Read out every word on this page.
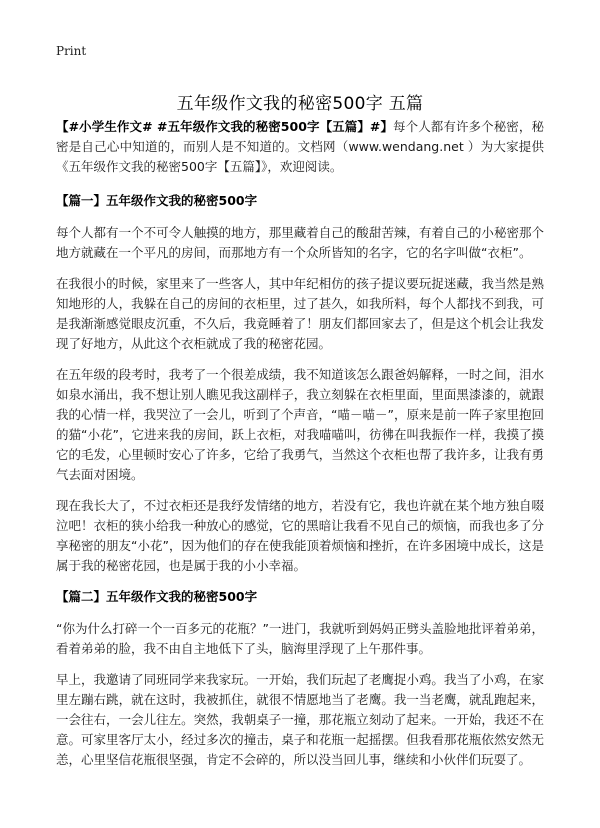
Print
五年级作文我的秘密500字 五篇

【#小学生作文# #五年级作文我的秘密500字【五篇】#】每个人都有许多个秘密，秘密是自己心中知道的，而别人是不知道的。文档网（www.wendang.net ）为大家提供《五年级作文我的秘密500字【五篇】》，欢迎阅读。

【篇一】五年级作文我的秘密500字

每个人都有一个不可令人触摸的地方，那里藏着自己的酸甜苦辣，有着自己的小秘密那个地方就藏在一个平凡的房间，而那地方有一个众所皆知的名字，它的名字叫做“衣柜”。

在我很小的时候，家里来了一些客人，其中年纪相仿的孩子提议要玩捉迷藏，我当然是熟知地形的人，我躲在自己的房间的衣柜里，过了甚久，如我所料，每个人都找不到我，可是我渐渐感觉眼皮沉重，不久后，我竟睡着了！朋友们都回家去了，但是这个机会让我发现了好地方，从此这个衣柜就成了我的秘密花园。

在五年级的段考时，我考了一个很差成绩，我不知道该怎么跟爸妈解释，一时之间，泪水如泉水涌出，我不想让别人瞧见我这副样子，我立刻躲在衣柜里面，里面黑漆漆的，就跟我的心情一样，我哭泣了一会儿，听到了个声音，“喵－喵－”，原来是前一阵子家里抱回的猫“小花”，它进来我的房间，跃上衣柜，对我喵喵叫，彷彿在叫我振作一样，我摸了摸它的毛发，心里顿时安心了许多，它给了我勇气，当然这个衣柜也帮了我许多，让我有勇气去面对困境。

现在我长大了，不过衣柜还是我纾发情绪的地方，若没有它，我也许就在某个地方独自啜泣吧！衣柜的狭小给我一种放心的感觉，它的黑暗让我看不见自己的烦恼，而我也多了分享秘密的朋友“小花”，因为他们的存在使我能顶着烦恼和挫折，在许多困境中成长，这是属于我的秘密花园，也是属于我的小小幸福。

【篇二】五年级作文我的秘密500字

“你为什么打碎一个一百多元的花瓶？”一进门，我就听到妈妈正劈头盖脸地批评着弟弟，看着弟弟的脸，我不由自主地低下了头，脑海里浮现了上午那件事。

早上，我邀请了同班同学来我家玩。一开始，我们玩起了老鹰捉小鸡。我当了小鸡，在家里左蹦右跳，就在这时，我被抓住，就很不情愿地当了老鹰。我一当老鹰，就乱跑起来，一会往右，一会儿往左。突然，我朝桌子一撞，那花瓶立刻动了起来。一开始，我还不在意。可家里客厅太小，经过多次的撞击，桌子和花瓶一起摇摆。但我看那花瓶依然安然无恙，心里坚信花瓶很坚强，肯定不会碎的，所以没当回儿事，继续和小伙伴们玩耍了。
